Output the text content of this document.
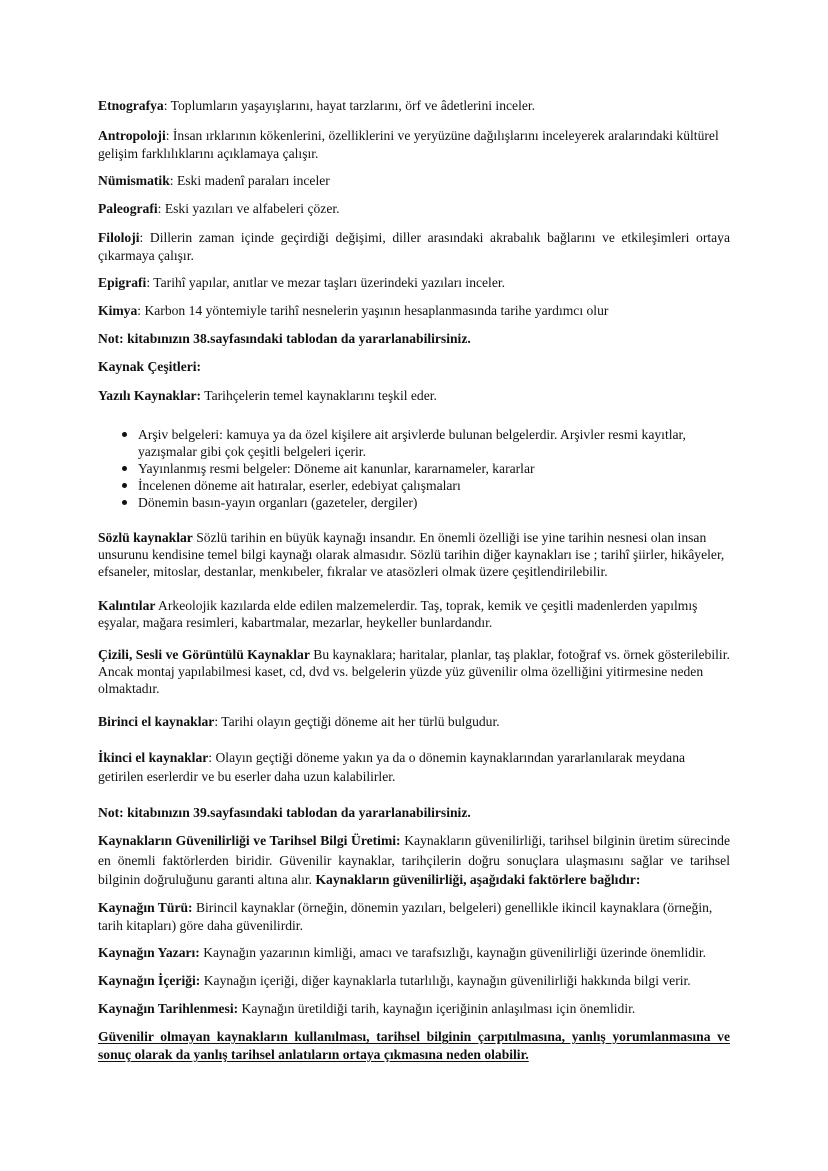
Etnografya: Toplumların yaşayışlarını, hayat tarzlarını, örf ve âdetlerini inceler.

Antropoloji: İnsan ırklarının kökenlerini, özelliklerini ve yeryüzüne dağılışlarını inceleyerek aralarındaki kültürel gelişim farklılıklarını açıklamaya çalışır.

Nümismatik: Eski madenî paraları inceler

Paleografi: Eski yazıları ve alfabeleri çözer.

Filoloji: Dillerin zaman içinde geçirdiği değişimi, diller arasındaki akrabalık bağlarını ve etkileşimleri ortaya çıkarmaya çalışır.

Epigrafi: Tarihî yapılar, anıtlar ve mezar taşları üzerindeki yazıları inceler.

Kimya: Karbon 14 yöntemiyle tarihî nesnelerin yaşının hesaplanmasında tarihe yardımcı olur

Not: kitabınızın 38.sayfasındaki tablodan da yararlanabilirsiniz.

Kaynak Çeşitleri:

Yazılı Kaynaklar: Tarihçelerin temel kaynaklarını teşkil eder.

Arşiv belgeleri: kamuya ya da özel kişilere ait arşivlerde bulunan belgelerdir. Arşivler resmi kayıtlar, yazışmalar gibi çok çeşitli belgeleri içerir.
Yayınlanmış resmi belgeler: Döneme ait kanunlar, kararnameler, kararlar
İncelenen döneme ait hatıralar, eserler, edebiyat çalışmaları
Dönemin basın-yayın organları (gazeteler, dergiler)

Sözlü kaynaklar Sözlü tarihin en büyük kaynağı insandır. En önemli özelliği ise yine tarihin nesnesi olan insan unsurunu kendisine temel bilgi kaynağı olarak almasıdır. Sözlü tarihin diğer kaynakları ise ; tarihî şiirler, hikâyeler, efsaneler, mitoslar, destanlar, menkıbeler, fıkralar ve atasözleri olmak üzere çeşitlendirilebilir.

Kalıntılar Arkeolojik kazılarda elde edilen malzemelerdir. Taş, toprak, kemik ve çeşitli madenlerden yapılmış eşyalar, mağara resimleri, kabartmalar, mezarlar, heykeller bunlardandır.

Çizili, Sesli ve Görüntülü Kaynaklar Bu kaynaklara; haritalar, planlar, taş plaklar, fotoğraf vs. örnek gösterilebilir. Ancak montaj yapılabilmesi kaset, cd, dvd vs. belgelerin yüzde yüz güvenilir olma özelliğini yitirmesine neden olmaktadır.

Birinci el kaynaklar: Tarihi olayın geçtiği döneme ait her türlü bulgudur.

İkinci el kaynaklar: Olayın geçtiği döneme yakın ya da o dönemin kaynaklarından yararlanılarak meydana getirilen eserlerdir ve bu eserler daha uzun kalabilirler.

Not: kitabınızın 39.sayfasındaki tablodan da yararlanabilirsiniz.

Kaynakların Güvenilirliği ve Tarihsel Bilgi Üretimi: Kaynakların güvenilirliği, tarihsel bilginin üretim sürecinde en önemli faktörlerden biridir. Güvenilir kaynaklar, tarihçilerin doğru sonuçlara ulaşmasını sağlar ve tarihsel bilginin doğruluğunu garanti altına alır. Kaynakların güvenilirliği, aşağıdaki faktörlere bağlıdır:

Kaynağın Türü: Birincil kaynaklar (örneğin, dönemin yazıları, belgeleri) genellikle ikincil kaynaklara (örneğin, tarih kitapları) göre daha güvenilirdir.

Kaynağın Yazarı: Kaynağın yazarının kimliği, amacı ve tarafsızlığı, kaynağın güvenilirliği üzerinde önemlidir.

Kaynağın İçeriği: Kaynağın içeriği, diğer kaynaklarla tutarlılığı, kaynağın güvenilirliği hakkında bilgi verir.

Kaynağın Tarihlenmesi: Kaynağın üretildiği tarih, kaynağın içeriğinin anlaşılması için önemlidir.

Güvenilir olmayan kaynakların kullanılması, tarihsel bilginin çarpıtılmasına, yanlış yorumlanmasına ve sonuç olarak da yanlış tarihsel anlatıların ortaya çıkmasına neden olabilir.
